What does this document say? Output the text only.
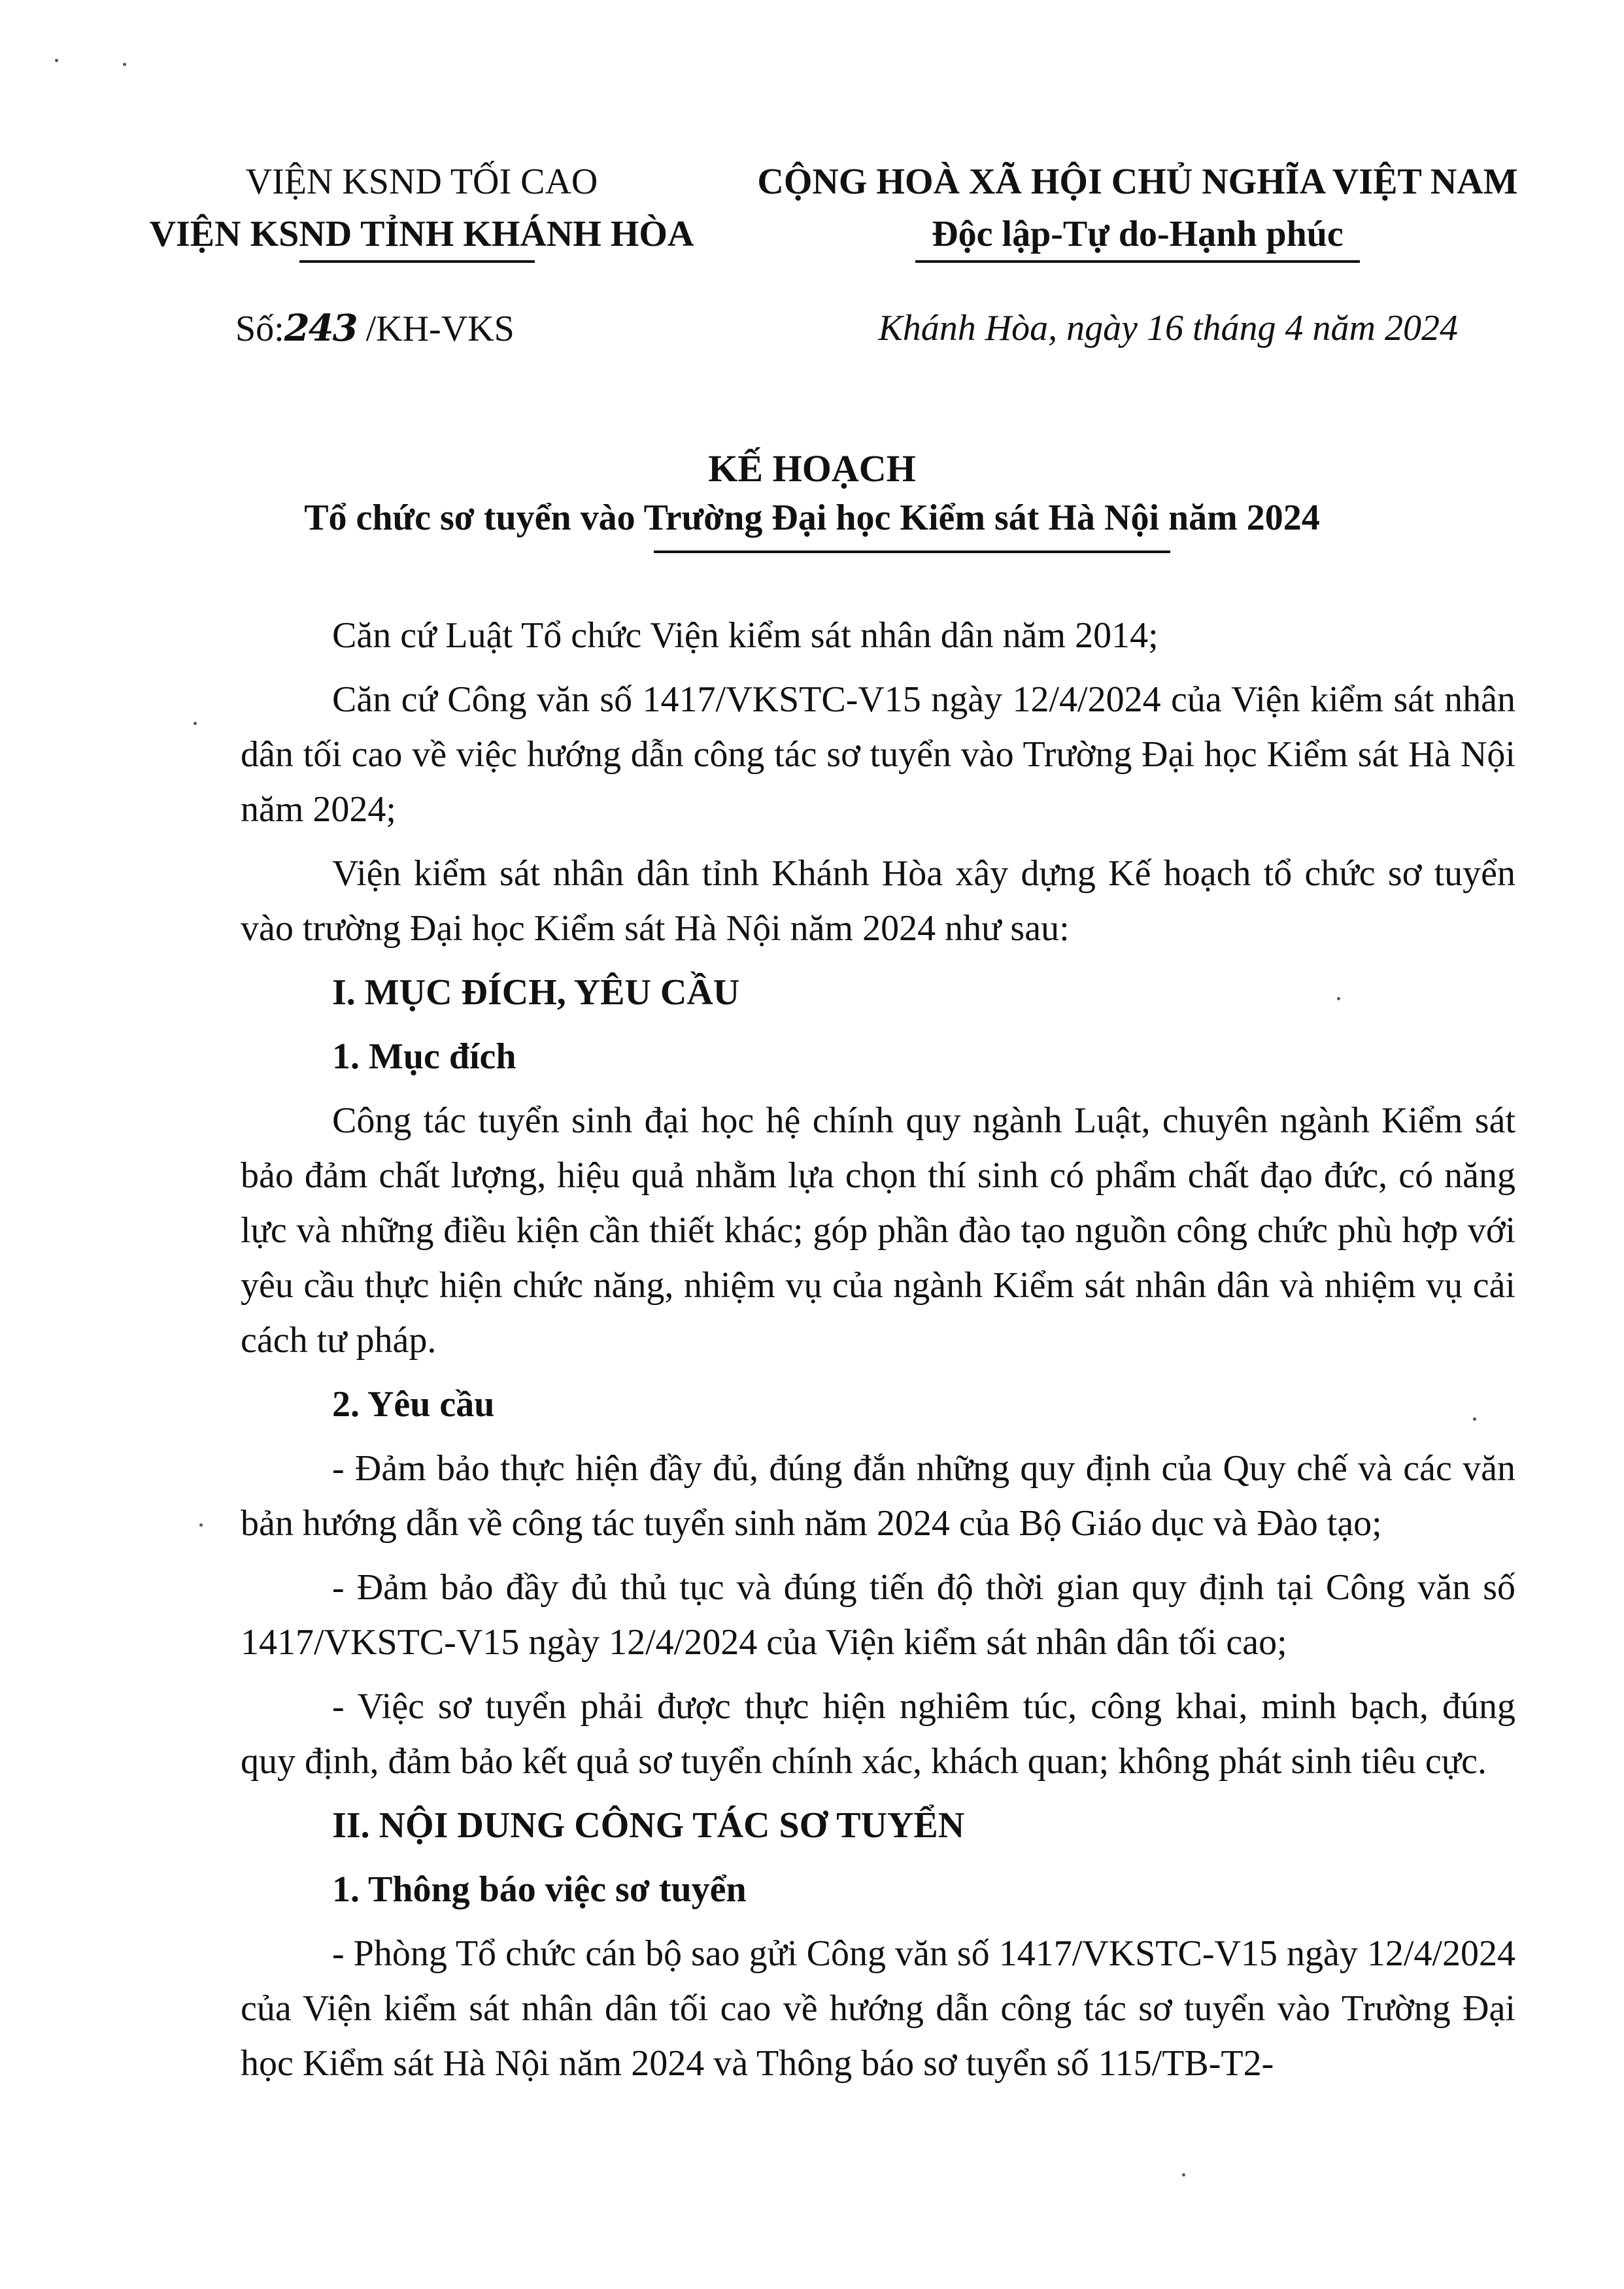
VIỆN KSND TỐI CAO
VIỆN KSND TỈNH KHÁNH HÒA
CỘNG HOÀ XÃ HỘI CHỦ NGHĨA VIỆT NAM
Độc lập-Tự do-Hạnh phúc
Số:243 /KH-VKS	Khánh Hòa, ngày 16 tháng 4 năm 2024
KẾ HOẠCH
Tổ chức sơ tuyển vào Trường Đại học Kiểm sát Hà Nội năm 2024

Căn cứ Luật Tổ chức Viện kiểm sát nhân dân năm 2014;

Căn cứ Công văn số 1417/VKSTC-V15 ngày 12/4/2024 của Viện kiểm sát nhân dân tối cao về việc hướng dẫn công tác sơ tuyển vào Trường Đại học Kiểm sát Hà Nội năm 2024;

Viện kiểm sát nhân dân tỉnh Khánh Hòa xây dựng Kế hoạch tổ chức sơ tuyển vào trường Đại học Kiểm sát Hà Nội năm 2024 như sau:

I. MỤC ĐÍCH, YÊU CẦU
1. Mục đích

Công tác tuyển sinh đại học hệ chính quy ngành Luật, chuyên ngành Kiểm sát bảo đảm chất lượng, hiệu quả nhằm lựa chọn thí sinh có phẩm chất đạo đức, có năng lực và những điều kiện cần thiết khác; góp phần đào tạo nguồn công chức phù hợp với yêu cầu thực hiện chức năng, nhiệm vụ của ngành Kiểm sát nhân dân và nhiệm vụ cải cách tư pháp.

2. Yêu cầu

- Đảm bảo thực hiện đầy đủ, đúng đắn những quy định của Quy chế và các văn bản hướng dẫn về công tác tuyển sinh năm 2024 của Bộ Giáo dục và Đào tạo;

- Đảm bảo đầy đủ thủ tục và đúng tiến độ thời gian quy định tại Công văn số 1417/VKSTC-V15 ngày 12/4/2024 của Viện kiểm sát nhân dân tối cao;

- Việc sơ tuyển phải được thực hiện nghiêm túc, công khai, minh bạch, đúng quy định, đảm bảo kết quả sơ tuyển chính xác, khách quan; không phát sinh tiêu cực.

II. NỘI DUNG CÔNG TÁC SƠ TUYỂN
1. Thông báo việc sơ tuyển

- Phòng Tổ chức cán bộ sao gửi Công văn số 1417/VKSTC-V15 ngày 12/4/2024 của Viện kiểm sát nhân dân tối cao về hướng dẫn công tác sơ tuyển vào Trường Đại học Kiểm sát Hà Nội năm 2024 và Thông báo sơ tuyển số 115/TB-T2-
